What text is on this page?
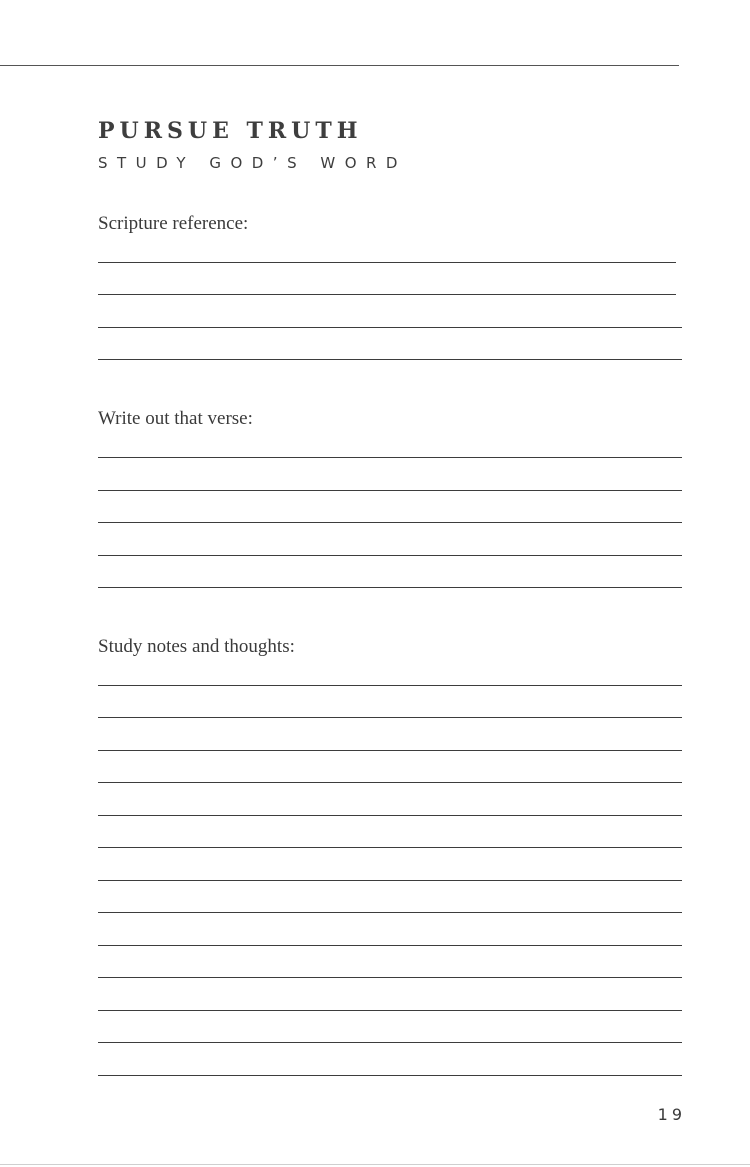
PURSUE TRUTH
STUDY GOD’S WORD
Scripture reference:
Write out that verse:
Study notes and thoughts:
19
